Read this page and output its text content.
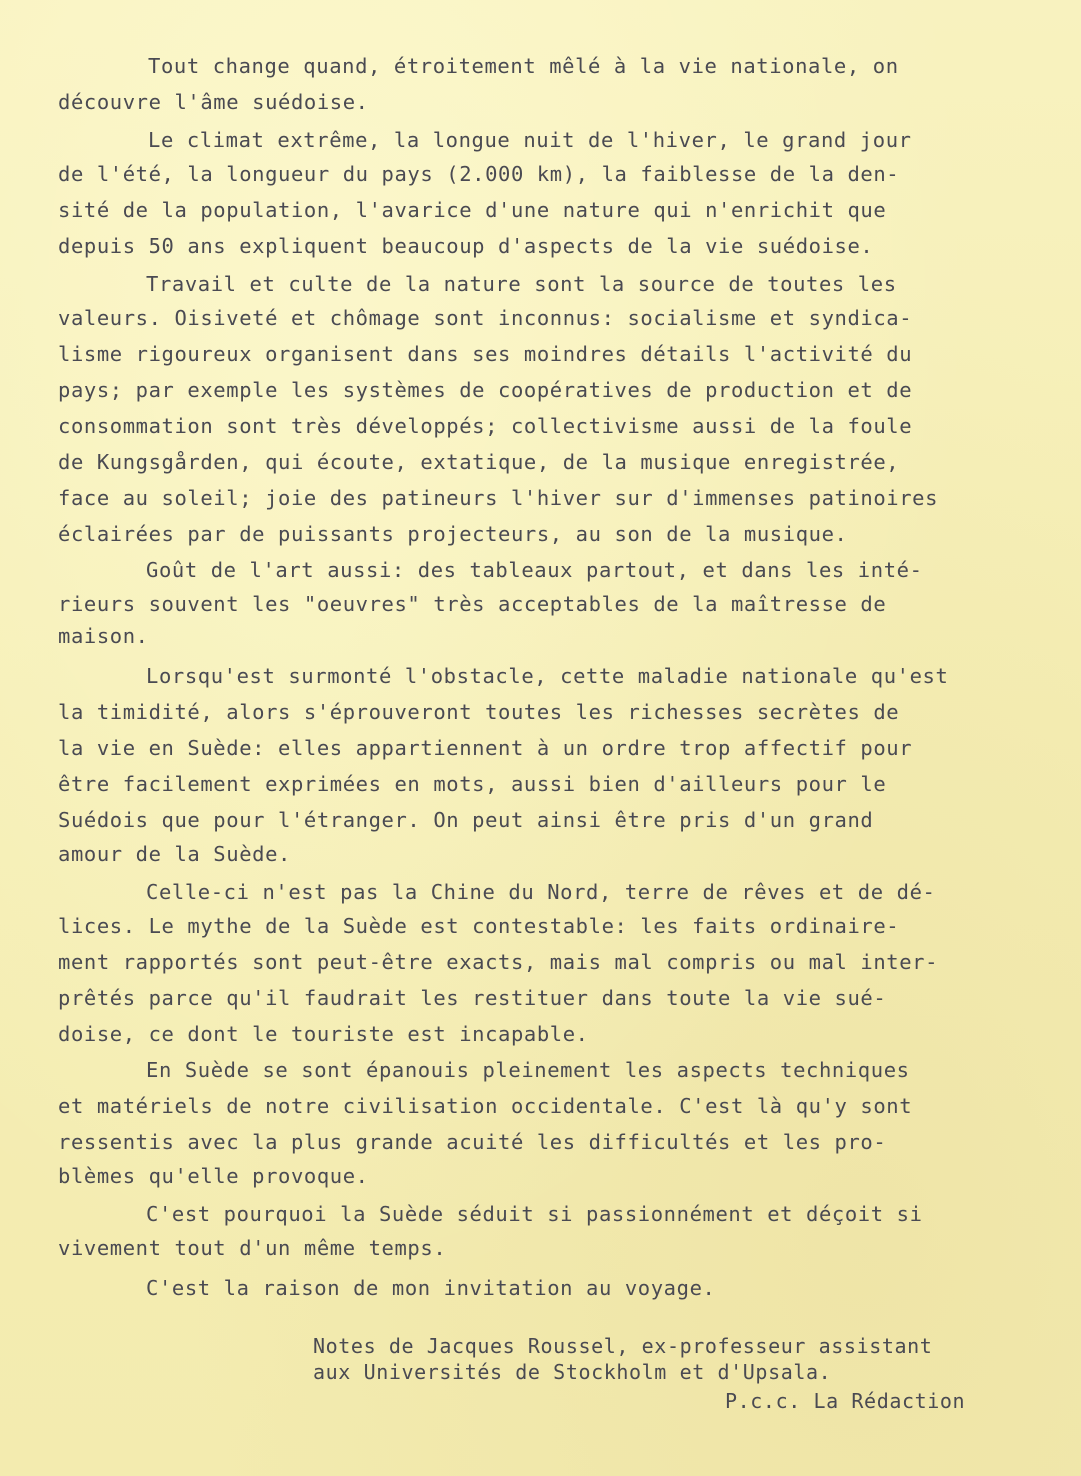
Tout change quand, étroitement mêlé à la vie nationale, on
découvre l'âme suédoise.
Le climat extrême, la longue nuit de l'hiver, le grand jour
de l'été, la longueur du pays (2.000 km), la faiblesse de la den-
sité de la population, l'avarice d'une nature qui n'enrichit que
depuis 50 ans expliquent beaucoup d'aspects de la vie suédoise.
Travail et culte de la nature sont la source de toutes les
valeurs. Oisiveté et chômage sont inconnus: socialisme et syndica-
lisme rigoureux organisent dans ses moindres détails l'activité du
pays; par exemple les systèmes de coopératives de production et de
consommation sont très développés; collectivisme aussi de la foule
de Kungsgården, qui écoute, extatique, de la musique enregistrée,
face au soleil; joie des patineurs l'hiver sur d'immenses patinoires
éclairées par de puissants projecteurs, au son de la musique.
Goût de l'art aussi: des tableaux partout, et dans les inté-
rieurs souvent les "oeuvres" très acceptables de la maîtresse de
maison.
Lorsqu'est surmonté l'obstacle, cette maladie nationale qu'est
la timidité, alors s'éprouveront toutes les richesses secrètes de
la vie en Suède: elles appartiennent à un ordre trop affectif pour
être facilement exprimées en mots, aussi bien d'ailleurs pour le
Suédois que pour l'étranger. On peut ainsi être pris d'un grand
amour de la Suède.
Celle-ci n'est pas la Chine du Nord, terre de rêves et de dé-
lices. Le mythe de la Suède est contestable: les faits ordinaire-
ment rapportés sont peut-être exacts, mais mal compris ou mal inter-
prêtés parce qu'il faudrait les restituer dans toute la vie sué-
doise, ce dont le touriste est incapable.
En Suède se sont épanouis pleinement les aspects techniques
et matériels de notre civilisation occidentale. C'est là qu'y sont
ressentis avec la plus grande acuité les difficultés et les pro-
blèmes qu'elle provoque.
C'est pourquoi la Suède séduit si passionnément et déçoit si
vivement tout d'un même temps.
C'est la raison de mon invitation au voyage.
Notes de Jacques Roussel, ex-professeur assistant
aux Universités de Stockholm et d'Upsala.
P.c.c. La Rédaction
